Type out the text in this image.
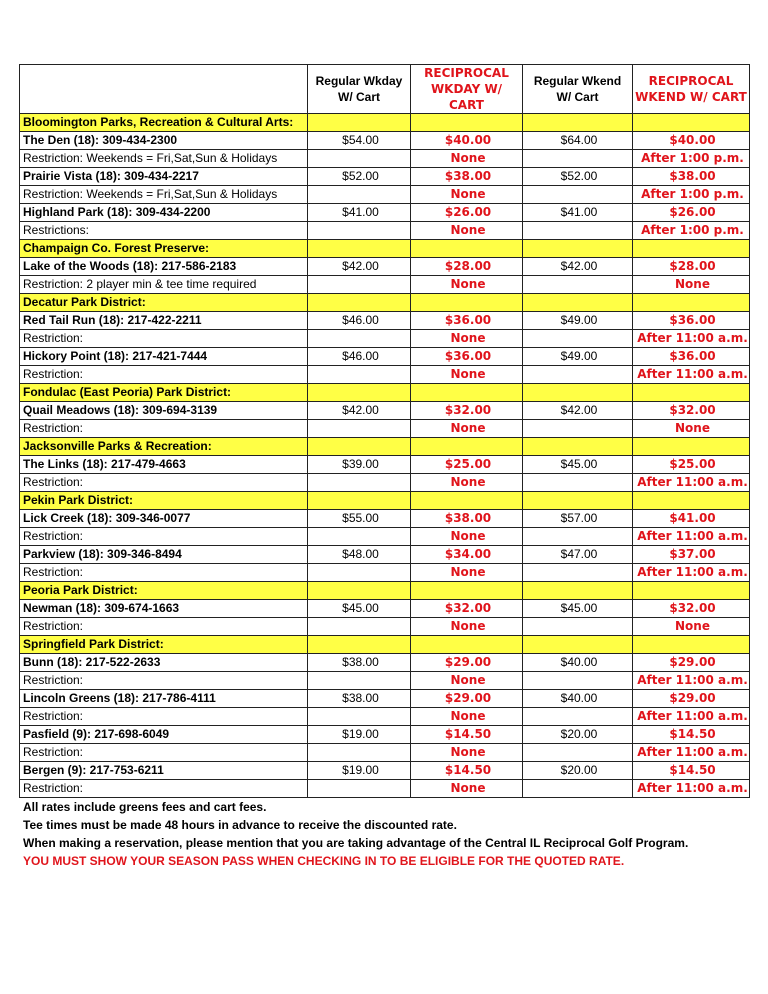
	Regular Wkday W/ Cart	RECIPROCAL WKDAY W/ CART	Regular Wkend W/ Cart	RECIPROCAL WKEND W/ CART
Bloomington Parks, Recreation & Cultural Arts:				
The Den (18): 309-434-2300	$54.00	$40.00	$64.00	$40.00
Restriction: Weekends = Fri,Sat,Sun & Holidays		None		After 1:00 p.m.
Prairie Vista (18): 309-434-2217	$52.00	$38.00	$52.00	$38.00
Restriction: Weekends = Fri,Sat,Sun & Holidays		None		After 1:00 p.m.
Highland Park (18): 309-434-2200	$41.00	$26.00	$41.00	$26.00
Restrictions:		None		After 1:00 p.m.
Champaign Co. Forest Preserve:				
Lake of the Woods (18): 217-586-2183	$42.00	$28.00	$42.00	$28.00
Restriction: 2 player min & tee time required		None		None
Decatur Park District:				
Red Tail Run (18): 217-422-2211	$46.00	$36.00	$49.00	$36.00
Restriction:		None		After 11:00 a.m.
Hickory Point (18): 217-421-7444	$46.00	$36.00	$49.00	$36.00
Restriction:		None		After 11:00 a.m.
Fondulac (East Peoria) Park District:				
Quail Meadows (18): 309-694-3139	$42.00	$32.00	$42.00	$32.00
Restriction:		None		None
Jacksonville Parks & Recreation:				
The Links (18): 217-479-4663	$39.00	$25.00	$45.00	$25.00
Restriction:		None		After 11:00 a.m.
Pekin Park District:				
Lick Creek (18): 309-346-0077	$55.00	$38.00	$57.00	$41.00
Restriction:		None		After 11:00 a.m.
Parkview (18): 309-346-8494	$48.00	$34.00	$47.00	$37.00
Restriction:		None		After 11:00 a.m.
Peoria Park District:				
Newman (18): 309-674-1663	$45.00	$32.00	$45.00	$32.00
Restriction:		None		None
Springfield Park District:				
Bunn (18): 217-522-2633	$38.00	$29.00	$40.00	$29.00
Restriction:		None		After 11:00 a.m.
Lincoln Greens (18): 217-786-4111	$38.00	$29.00	$40.00	$29.00
Restriction:		None		After 11:00 a.m.
Pasfield (9): 217-698-6049	$19.00	$14.50	$20.00	$14.50
Restriction:		None		After 11:00 a.m.
Bergen (9): 217-753-6211	$19.00	$14.50	$20.00	$14.50
Restriction:		None		After 11:00 a.m.
All rates include greens fees and cart fees.
Tee times must be made 48 hours in advance to receive the discounted rate.
When making a reservation, please mention that you are taking advantage of the Central IL Reciprocal Golf Program.
YOU MUST SHOW YOUR SEASON PASS WHEN CHECKING IN TO BE ELIGIBLE FOR THE QUOTED RATE.
